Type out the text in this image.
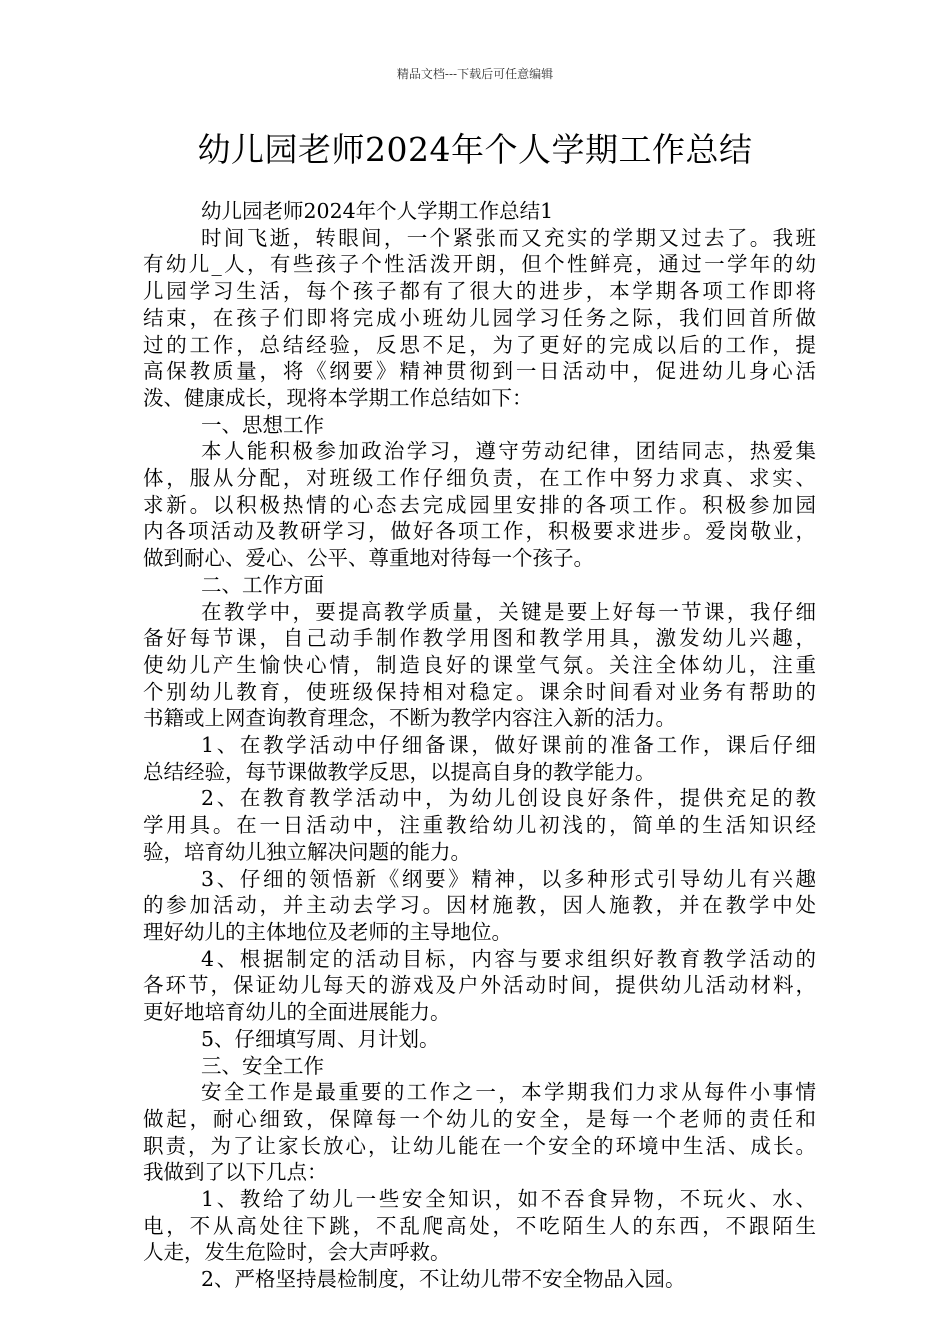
精品文档---下载后可任意编辑
幼儿园老师2024年个人学期工作总结
幼儿园老师2024年个人学期工作总结1
时间飞逝，转眼间，一个紧张而又充实的学期又过去了。我班
有幼儿_人，有些孩子个性活泼开朗，但个性鲜亮，通过一学年的幼
儿园学习生活，每个孩子都有了很大的进步，本学期各项工作即将
结束，在孩子们即将完成小班幼儿园学习任务之际，我们回首所做
过的工作，总结经验，反思不足，为了更好的完成以后的工作，提
高保教质量，将《纲要》精神贯彻到一日活动中，促进幼儿身心活
泼、健康成长，现将本学期工作总结如下：
一、思想工作
本人能积极参加政治学习，遵守劳动纪律，团结同志，热爱集
体，服从分配，对班级工作仔细负责，在工作中努力求真、求实、
求新。以积极热情的心态去完成园里安排的各项工作。积极参加园
内各项活动及教研学习，做好各项工作，积极要求进步。爱岗敬业，
做到耐心、爱心、公平、尊重地对待每一个孩子。
二、工作方面
在教学中，要提高教学质量，关键是要上好每一节课，我仔细
备好每节课，自己动手制作教学用图和教学用具，激发幼儿兴趣，
使幼儿产生愉快心情，制造良好的课堂气氛。关注全体幼儿，注重
个别幼儿教育，使班级保持相对稳定。课余时间看对业务有帮助的
书籍或上网查询教育理念，不断为教学内容注入新的活力。
1、在教学活动中仔细备课，做好课前的准备工作，课后仔细
总结经验，每节课做教学反思，以提高自身的教学能力。
2、在教育教学活动中，为幼儿创设良好条件，提供充足的教
学用具。在一日活动中，注重教给幼儿初浅的，简单的生活知识经
验，培育幼儿独立解决问题的能力。
3、仔细的领悟新《纲要》精神，以多种形式引导幼儿有兴趣
的参加活动，并主动去学习。因材施教，因人施教，并在教学中处
理好幼儿的主体地位及老师的主导地位。
4、根据制定的活动目标，内容与要求组织好教育教学活动的
各环节，保证幼儿每天的游戏及户外活动时间，提供幼儿活动材料，
更好地培育幼儿的全面进展能力。
5、仔细填写周、月计划。
三、安全工作
安全工作是最重要的工作之一，本学期我们力求从每件小事情
做起，耐心细致，保障每一个幼儿的安全，是每一个老师的责任和
职责，为了让家长放心，让幼儿能在一个安全的环境中生活、成长。
我做到了以下几点：
1、教给了幼儿一些安全知识，如不吞食异物，不玩火、水、
电，不从高处往下跳，不乱爬高处，不吃陌生人的东西，不跟陌生
人走，发生危险时，会大声呼救。
2、严格坚持晨检制度，不让幼儿带不安全物品入园。
